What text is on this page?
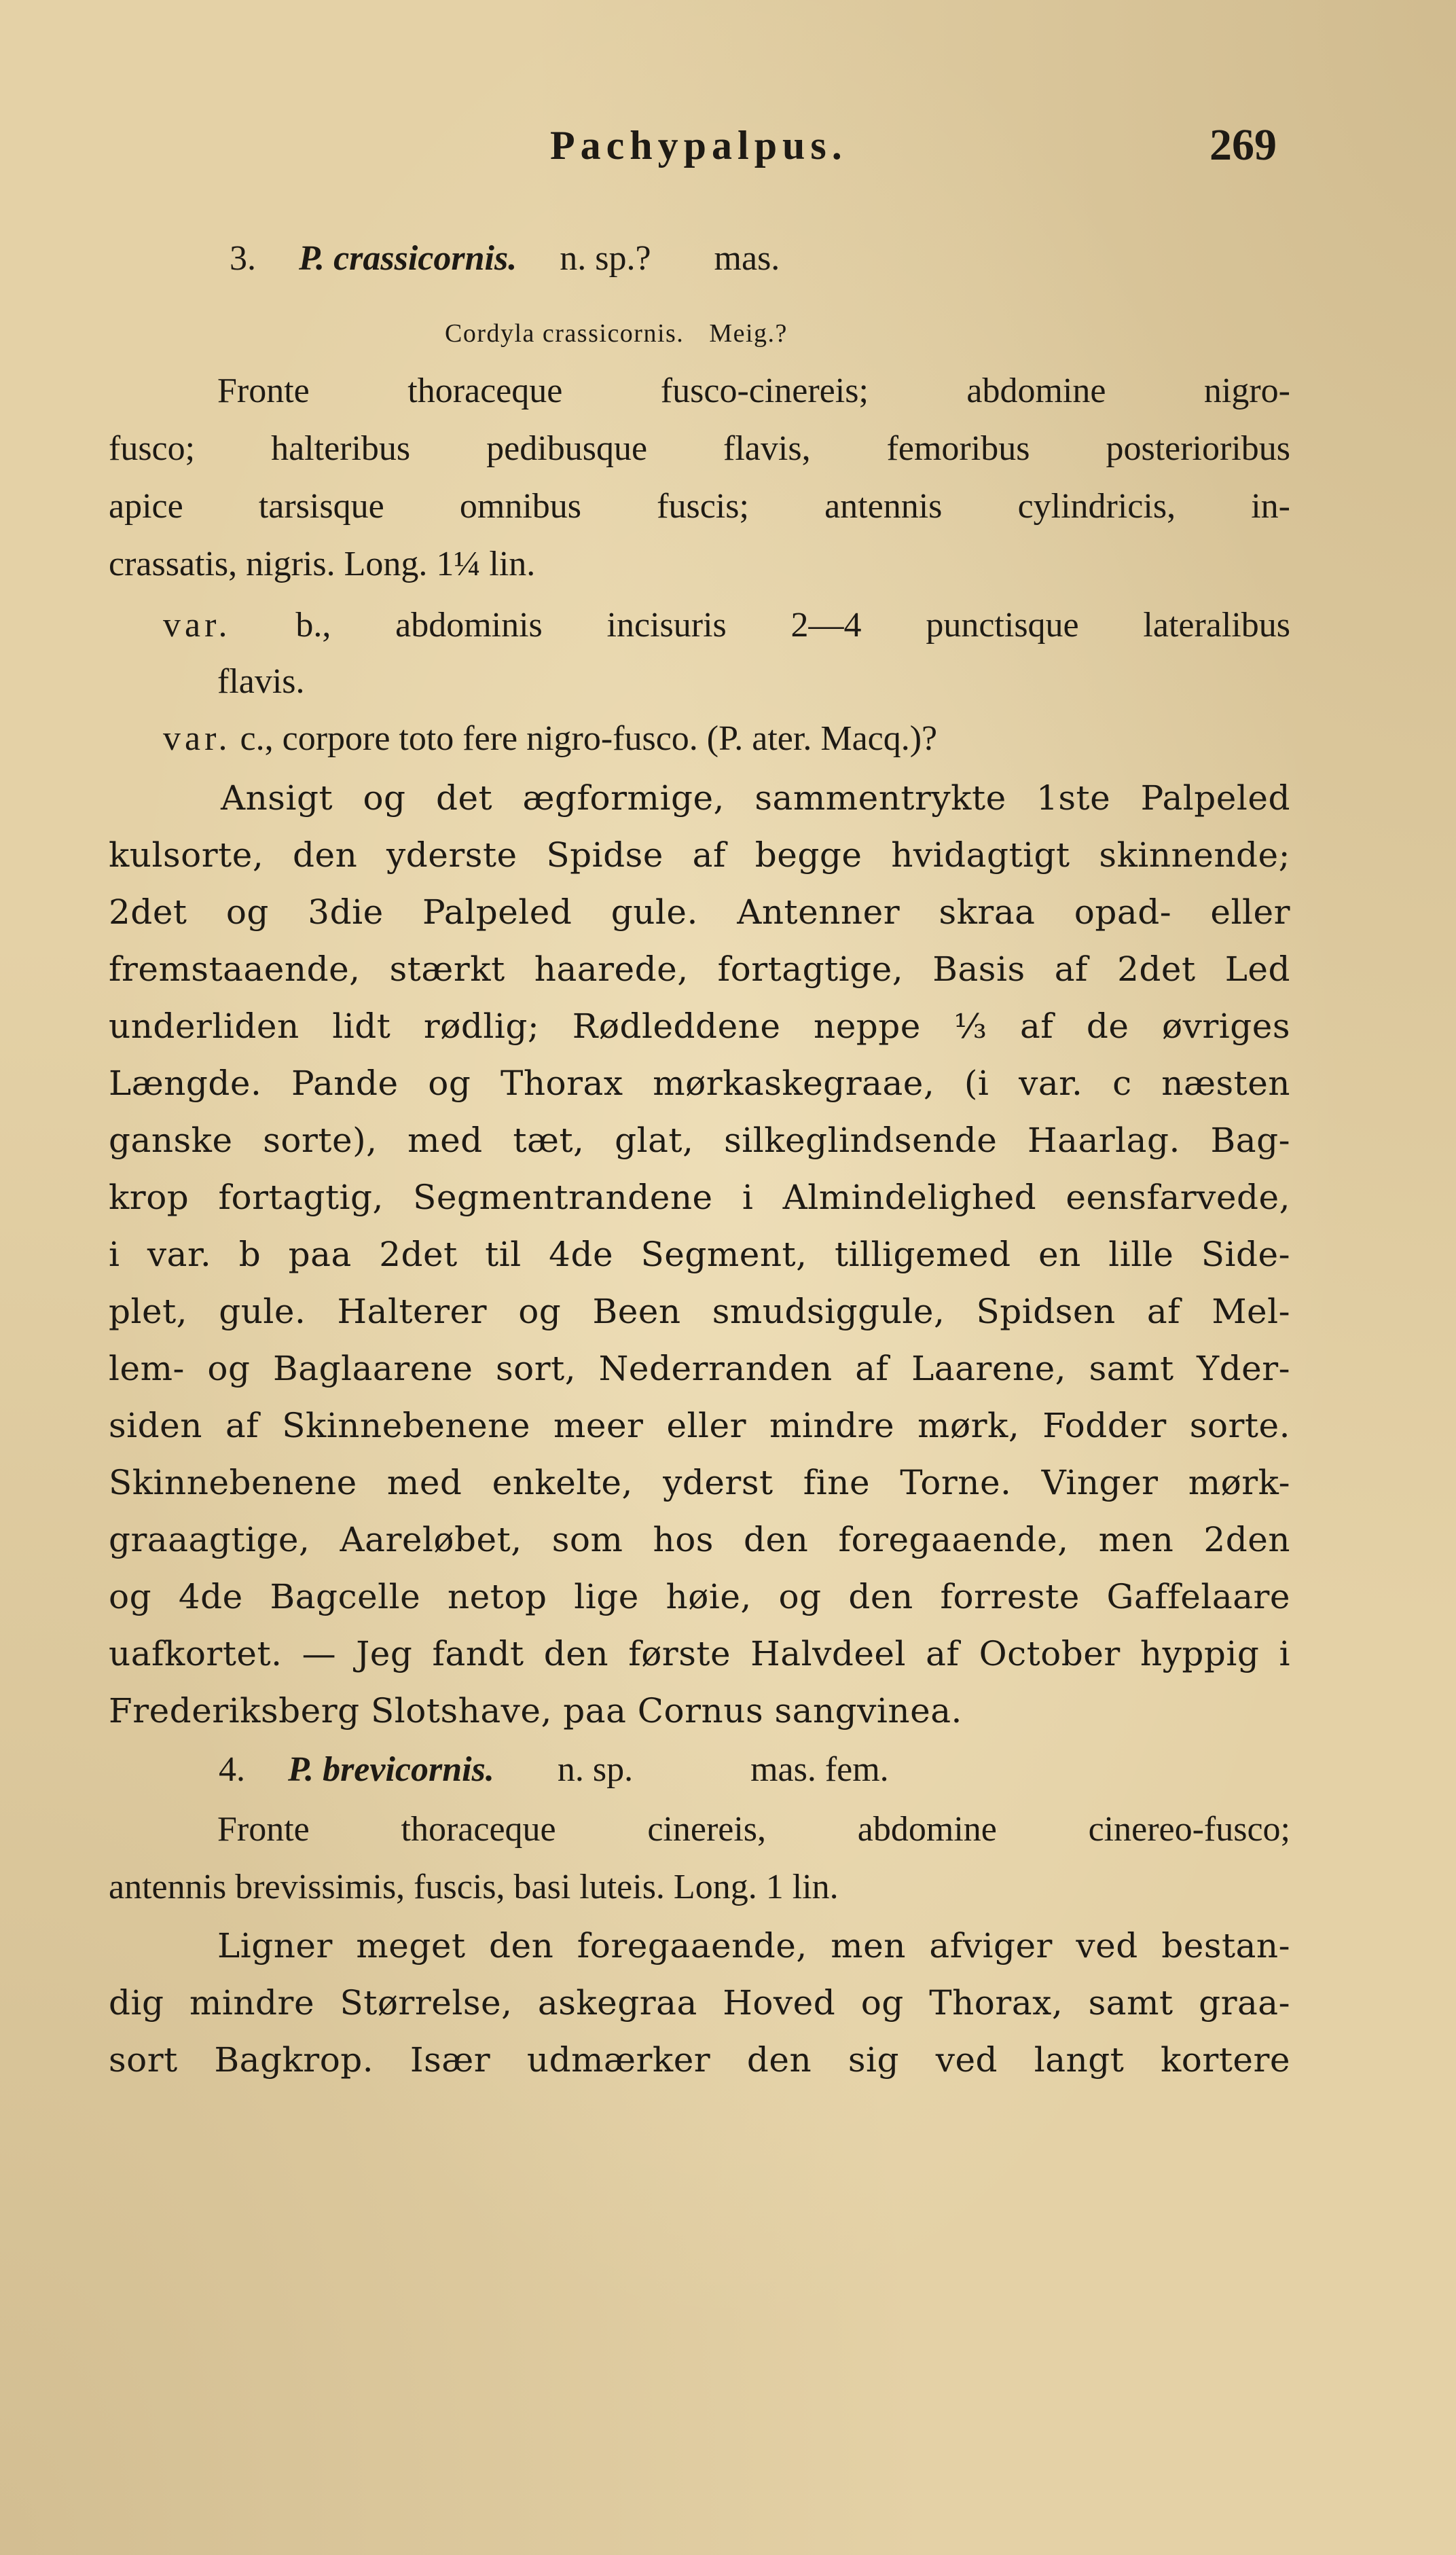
Pachypalpus.	269
3. P. crassicornis. n. sp.? mas.
Cordyla crassicornis. Meig.?
Fronte thoraceque fusco-cinereis; abdomine nigro-
fusco; halteribus pedibusque flavis, femoribus posterioribus
apice tarsisque omnibus fuscis; antennis cylindricis, in-
crassatis, nigris. Long. 1¼ lin.
var. b., abdominis incisuris 2—4 punctisque lateralibus
flavis.
var. c., corpore toto fere nigro-fusco. (P. ater. Macq.)?
Ansigt og det ægformige, sammentrykte 1ste Palpeled
kulsorte, den yderste Spidse af begge hvidagtigt skinnende;
2det og 3die Palpeled gule. Antenner skraa opad- eller
fremstaaende, stærkt haarede, fortagtige, Basis af 2det Led
underliden lidt rødlig; Rødleddene neppe ⅓ af de øvriges
Længde. Pande og Thorax mørkaskegraae, (i var. c næsten
ganske sorte), med tæt, glat, silkeglindsende Haarlag. Bag-
krop fortagtig, Segmentrandene i Almindelighed eensfarvede,
i var. b paa 2det til 4de Segment, tilligemed en lille Side-
plet, gule. Halterer og Been smudsiggule, Spidsen af Mel-
lem- og Baglaarene sort, Nederranden af Laarene, samt Yder-
siden af Skinnebenene meer eller mindre mørk, Fodder sorte.
Skinnebenene med enkelte, yderst fine Torne. Vinger mørk-
graaagtige, Aareløbet, som hos den foregaaende, men 2den
og 4de Bagcelle netop lige høie, og den forreste Gaffelaare
uafkortet. — Jeg fandt den første Halvdeel af October hyppig i
Frederiksberg Slotshave, paa Cornus sangvinea.
4. P. brevicornis. n. sp.	mas. fem.
Fronte thoraceque cinereis, abdomine cinereo-fusco;
antennis brevissimis, fuscis, basi luteis. Long. 1 lin.
Ligner meget den foregaaende, men afviger ved bestan-
dig mindre Størrelse, askegraa Hoved og Thorax, samt graa-
sort Bagkrop. Især udmærker den sig ved langt kortere
